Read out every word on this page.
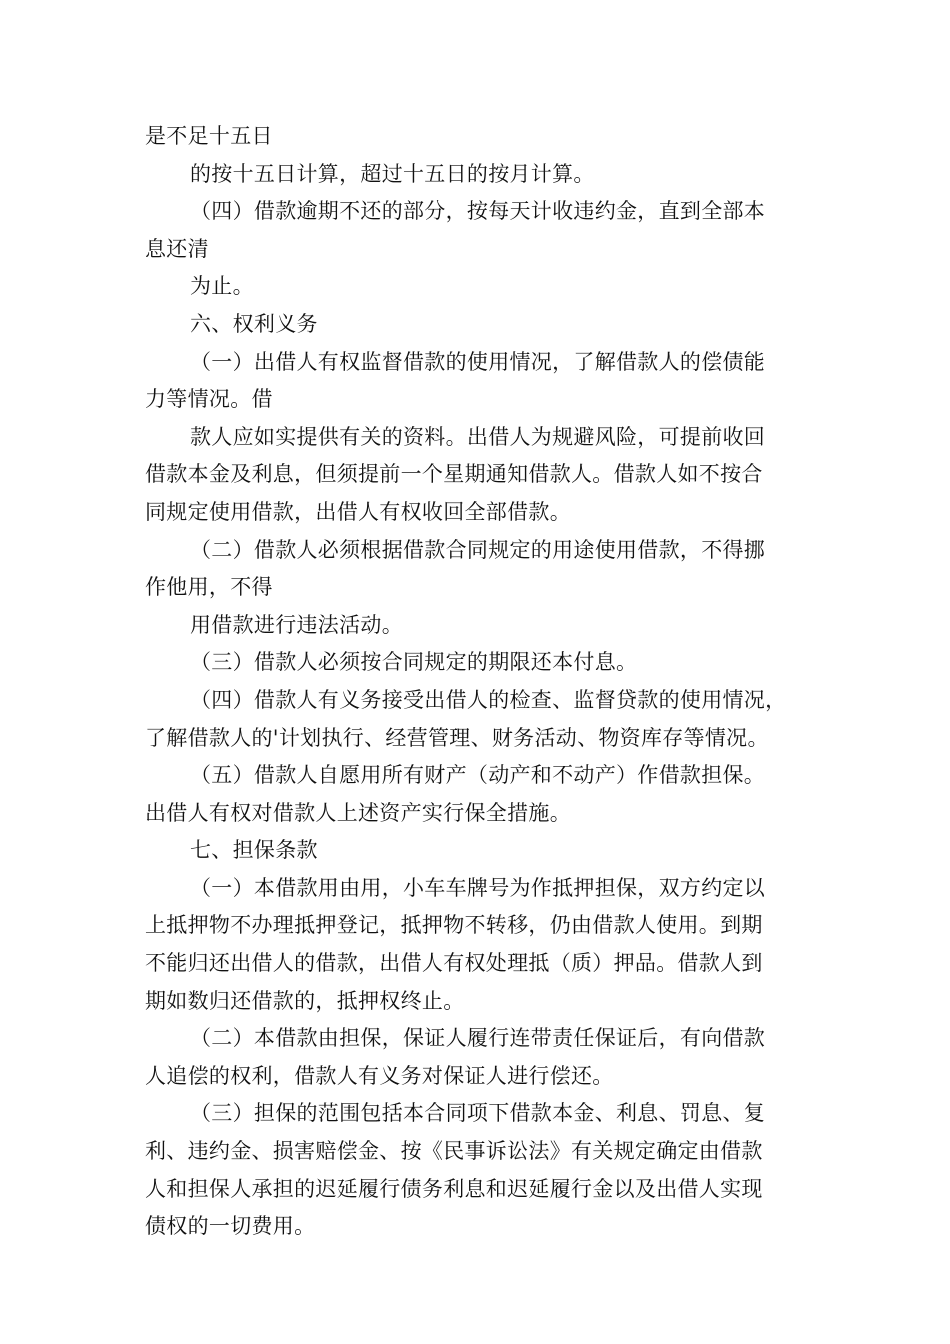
是不足十五日
的按十五日计算，超过十五日的按月计算。
（四）借款逾期不还的部分，按每天计收违约金，直到全部本
息还清
为止。
六、权利义务
（一）出借人有权监督借款的使用情况，了解借款人的偿债能
力等情况。借
款人应如实提供有关的资料。出借人为规避风险，可提前收回
借款本金及利息，但须提前一个星期通知借款人。借款人如不按合
同规定使用借款，出借人有权收回全部借款。
（二）借款人必须根据借款合同规定的用途使用借款，不得挪
作他用，不得
用借款进行违法活动。
（三）借款人必须按合同规定的期限还本付息。
（四）借款人有义务接受出借人的检查、监督贷款的使用情况，
了解借款人的'计划执行、经营管理、财务活动、物资库存等情况。
（五）借款人自愿用所有财产（动产和不动产）作借款担保。
出借人有权对借款人上述资产实行保全措施。
七、担保条款
（一）本借款用由用，小车车牌号为作抵押担保，双方约定以
上抵押物不办理抵押登记，抵押物不转移，仍由借款人使用。到期
不能归还出借人的借款，出借人有权处理抵（质）押品。借款人到
期如数归还借款的，抵押权终止。
（二）本借款由担保，保证人履行连带责任保证后，有向借款
人追偿的权利，借款人有义务对保证人进行偿还。
（三）担保的范围包括本合同项下借款本金、利息、罚息、复
利、违约金、损害赔偿金、按《民事诉讼法》有关规定确定由借款
人和担保人承担的迟延履行债务利息和迟延履行金以及出借人实现
债权的一切费用。
